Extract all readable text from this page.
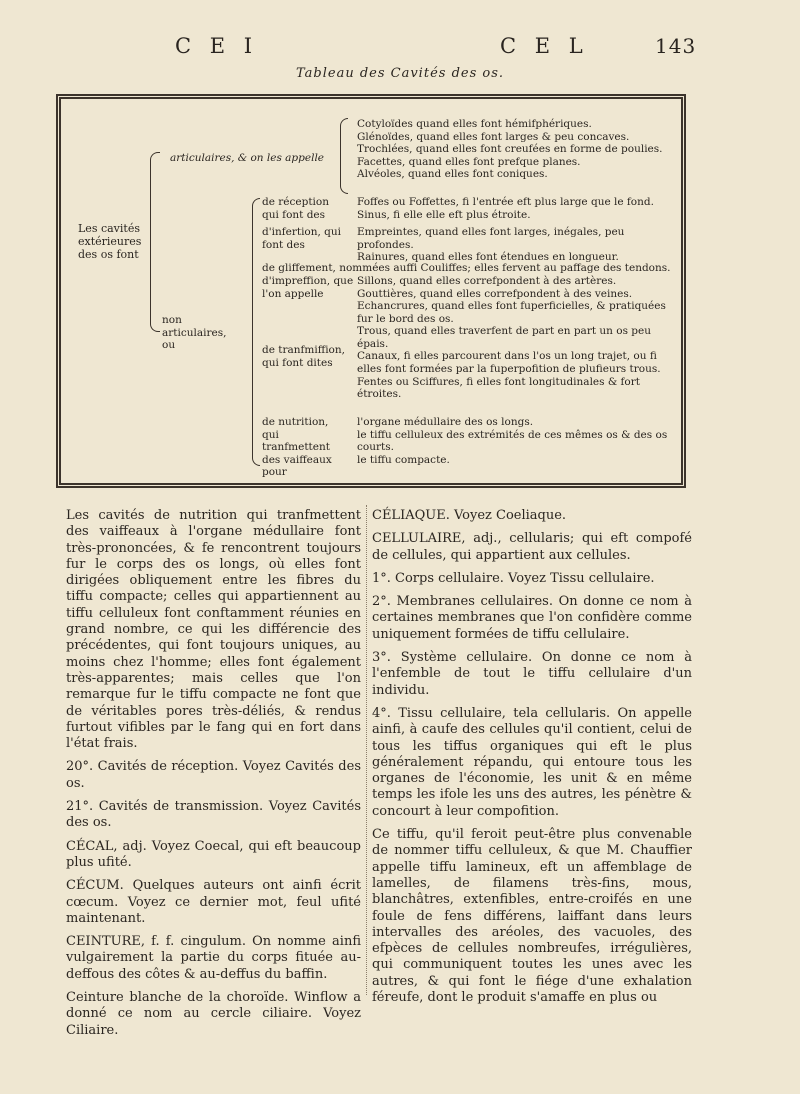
C E I	C E L	143
Tableau des Cavités des os.
Les cavités extérieures des os font
articulaires, & on les appelle
Cotyloïdes quand elles font hémifphériques.
Glénoïdes, quand elles font larges & peu concaves.
Trochlées, quand elles font creufées en forme de poulies.
Facettes, quand elles font prefque planes.
Alvéoles, quand elles font coniques.
non articulaires, ou
de réception qui font des
Foffes ou Foffettes, fi l'entrée eft plus large que le fond.
Sinus, fi elle elle eft plus étroite.
d'infertion, qui font des
Empreintes, quand elles font larges, inégales, peu profondes.
Rainures, quand elles font étendues en longueur.
de gliffement, nommées auffi Couliffes; elles fervent au paffage des tendons.
d'impreffion, que l'on appelle
Sillons, quand elles correfpondent à des artères.
Gouttières, quand elles correfpondent à des veines.
de tranfmiffion, qui font dites
Echancrures, quand elles font fuperficielles, & pratiquées fur le bord des os.
Trous, quand elles traverfent de part en part un os peu épais.
Canaux, fi elles parcourent dans l'os un long trajet, ou fi elles font formées par la fuperpofition de plufieurs trous.
Fentes ou Sciffures, fi elles font longitudinales & fort étroites.
de nutrition, qui tranfmettent des vaiffeaux pour
l'organe médullaire des os longs.
le tiffu celluleux des extrémités de ces mêmes os & des os courts.
le tiffu compacte.

Les cavités de nutrition qui tranfmettent des vaiffeaux à l'organe médullaire font très-prononcées, & fe rencontrent toujours fur le corps des os longs, où elles font dirigées obliquement entre les fibres du tiffu compacte; celles qui appartiennent au tiffu celluleux font conftamment réunies en grand nombre, ce qui les différencie des précédentes, qui font toujours uniques, au moins chez l'homme; elles font également très-apparentes; mais celles que l'on remarque fur le tiffu compacte ne font que de véritables pores très-déliés, & rendus furtout vifibles par le fang qui en fort dans l'état frais.

20°. Cavités de réception. Voyez Cavités des os.

21°. Cavités de transmission. Voyez Cavités des os.

CÉCAL, adj. Voyez Coecal, qui eft beaucoup plus ufité.

CÉCUM. Quelques auteurs ont ainfi écrit cœcum. Voyez ce dernier mot, feul ufité maintenant.

CEINTURE, f. f. cingulum. On nomme ainfi vulgairement la partie du corps fituée au-deffous des côtes & au-deffus du baffin.

Ceinture blanche de la choroïde. Winflow a donné ce nom au cercle ciliaire. Voyez Ciliaire.

CÉLIAQUE. Voyez Coeliaque.

CELLULAIRE, adj., cellularis; qui eft compofé de cellules, qui appartient aux cellules.

1°. Corps cellulaire. Voyez Tissu cellulaire.

2°. Membranes cellulaires. On donne ce nom à certaines membranes que l'on confidère comme uniquement formées de tiffu cellulaire.

3°. Système cellulaire. On donne ce nom à l'enfemble de tout le tiffu cellulaire d'un individu.

4°. Tissu cellulaire, tela cellularis. On appelle ainfi, à caufe des cellules qu'il contient, celui de tous les tiffus organiques qui eft le plus généralement répandu, qui entoure tous les organes de l'économie, les unit & en même temps les ifole les uns des autres, les pénètre & concourt à leur compofition.

Ce tiffu, qu'il feroit peut-être plus convenable de nommer tiffu celluleux, & que M. Chauffier appelle tiffu lamineux, eft un affemblage de lamelles, de filamens très-fins, mous, blanchâtres, extenfibles, entre-croifés en une foule de fens différens, laiffant dans leurs intervalles des aréoles, des vacuoles, des efpèces de cellules nombreufes, irrégulières, qui communiquent toutes les unes avec les autres, & qui font le fiége d'une exhalation féreufe, dont le produit s'amaffe en plus ou
